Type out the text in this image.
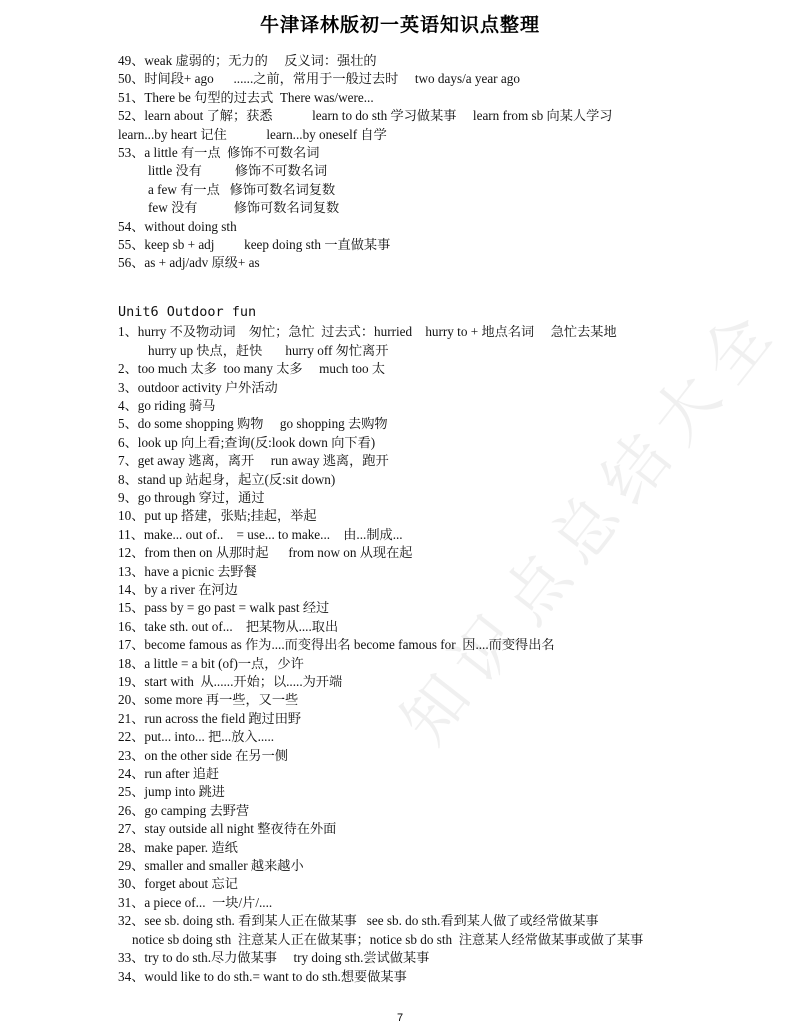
牛津译林版初一英语知识点整理
知
识
点
总
结
大
全
49、weak 虚弱的；无力的     反义词：强壮的
50、时间段+ ago      ......之前，常用于一般过去时     two days/a year ago
51、There be 句型的过去式  There was/were...
52、learn about 了解；获悉            learn to do sth 学习做某事     learn from sb 向某人学习
learn...by heart 记住            learn...by oneself 自学
53、a little 有一点  修饰不可数名词
little 没有          修饰不可数名词
a few 有一点   修饰可数名词复数
few 没有           修饰可数名词复数
54、without doing sth
55、keep sb + adj         keep doing sth 一直做某事
56、as + adj/adv 原级+ as
Unit6 Outdoor fun
1、hurry 不及物动词    匆忙；急忙  过去式：hurried    hurry to + 地点名词     急忙去某地
hurry up 快点，赶快       hurry off 匆忙离开
2、too much 太多  too many 太多     much too 太
3、outdoor activity 户外活动
4、go riding 骑马
5、do some shopping 购物     go shopping 去购物
6、look up 向上看;查询(反:look down 向下看)
7、get away 逃离，离开     run away 逃离，跑开
8、stand up 站起身，起立(反:sit down)
9、go through 穿过，通过
10、put up 搭建，张贴;挂起，举起
11、make... out of..    = use... to make...    由...制成...
12、from then on 从那时起      from now on 从现在起
13、have a picnic 去野餐
14、by a river 在河边
15、pass by = go past = walk past 经过
16、take sth. out of...    把某物从....取出
17、become famous as 作为....而变得出名 become famous for  因....而变得出名
18、a little = a bit (of)一点，少许
19、start with  从......开始；以.....为开端
20、some more 再一些，又一些
21、run across the field 跑过田野
22、put... into... 把...放入.....
23、on the other side 在另一侧
24、run after 追赶
25、jump into 跳进
26、go camping 去野营
27、stay outside all night 整夜待在外面
28、make paper. 造纸
29、smaller and smaller 越来越小
30、forget about 忘记
31、a piece of...  一块/片/....
32、see sb. doing sth. 看到某人正在做某事   see sb. do sth.看到某人做了或经常做某事
notice sb doing sth  注意某人正在做某事；notice sb do sth  注意某人经常做某事或做了某事
33、try to do sth.尽力做某事     try doing sth.尝试做某事
34、would like to do sth.= want to do sth.想要做某事
7
